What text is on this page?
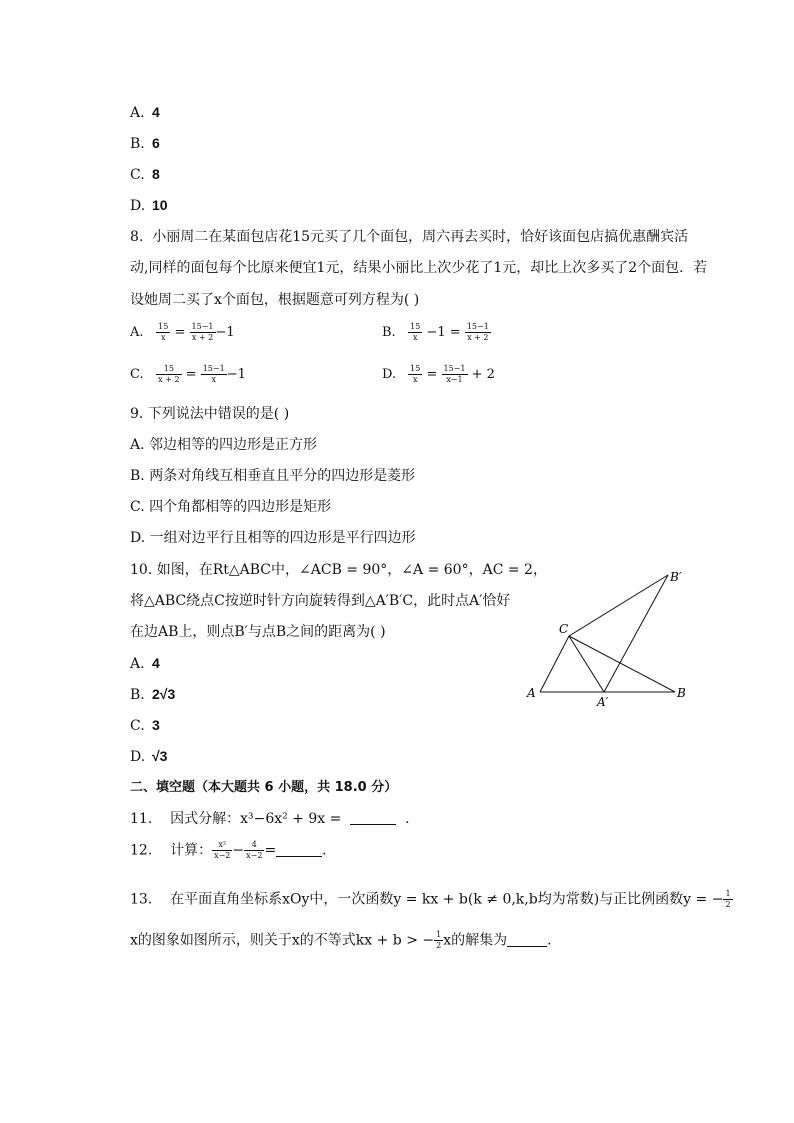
A. 4
B. 6
C. 8
D. 10
8. 小丽周二在某面包店花15元买了几个面包，周六再去买时，恰好该面包店搞优惠酬宾活
动,同样的面包每个比原来便宜1元，结果小丽比上次少花了1元，却比上次多买了2个面包．若
设她周二买了x个面包，根据题意可列方程为( )
A. $\frac{15}{x} = \frac{15-1}{x + 2} -1$	B. $\frac{15}{x} -1 = \frac{15-1}{x + 2}$
C. $\frac{15}{x + 2} = \frac{15-1}{x} -1$	D. $\frac{15}{x} = \frac{15-1}{x-1} + 2$
9. 下列说法中错误的是( )
A. 邻边相等的四边形是正方形
B. 两条对角线互相垂直且平分的四边形是菱形
C. 四个角都相等的四边形是矩形
D. 一组对边平行且相等的四边形是平行四边形
10. 如图，在Rt△ABC中，∠ACB = 90°，∠A = 60°，AC = 2，
将△ABC绕点C按逆时针方向旋转得到△A′B′C，此时点A′恰好
在边AB上，则点B′与点B之间的距离为( )
A. 4
B. 2√3
C. 3
D. √3
B′
C
A
A′
B
二、填空题（本大题共 6 小题，共 18.0 分）
11. 因式分解：x³−6x² + 9x =	.
12. 计算： $\frac{\text{x²}}{x-2} - \frac{4}{x-2}$ =	.
13. 在平面直角坐标系xOy中，一次函数y = kx + b(k ≠ 0,k,b均为常数)与正比例函数y = − $\frac{1}{2}$
x的图象如图所示，则关于x的不等式kx + b > − $\frac{1}{2}$ x的解集为	.
